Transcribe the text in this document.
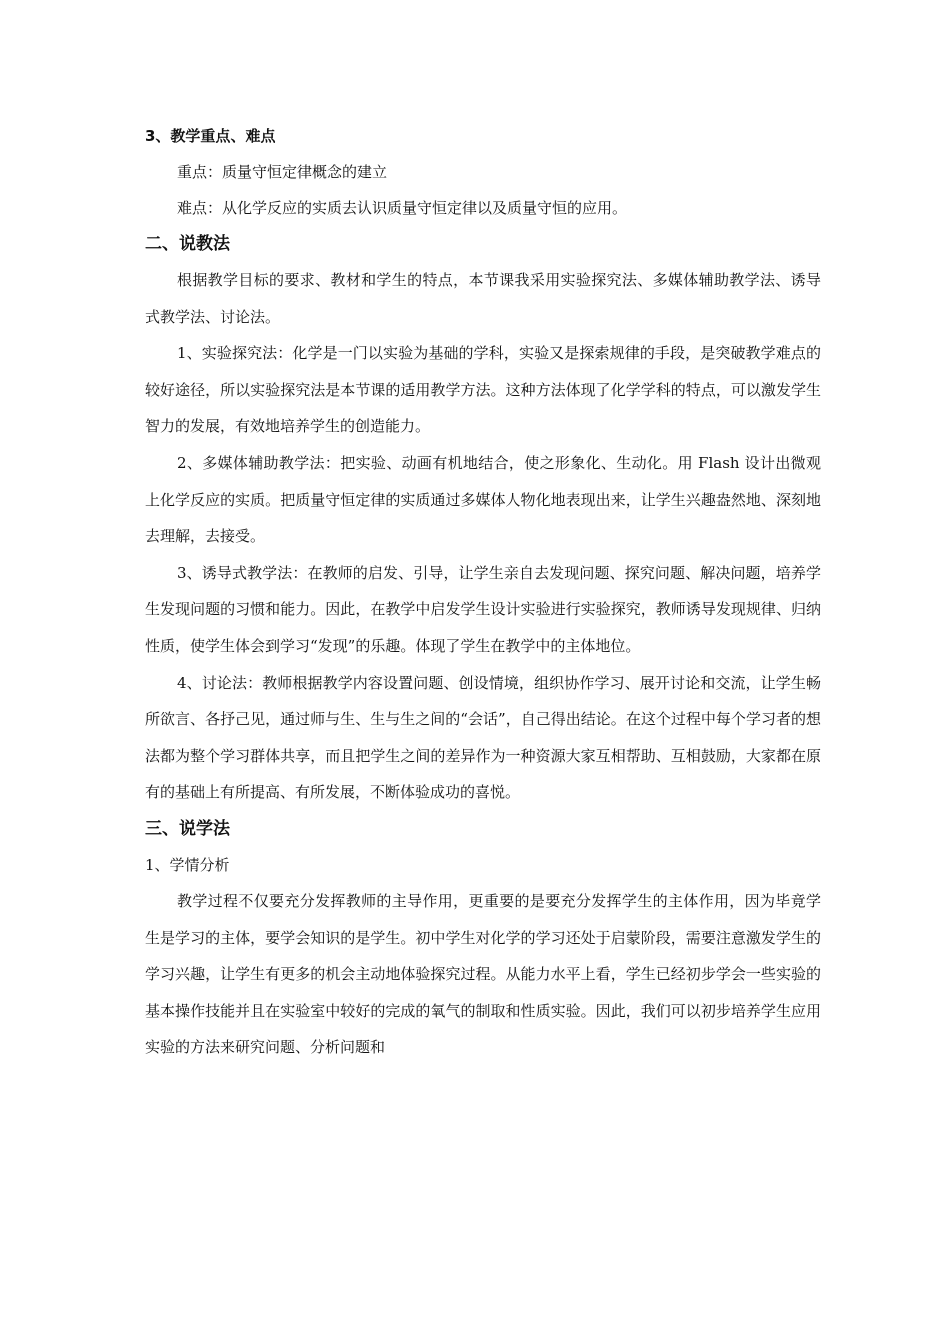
3、教学重点、难点

重点：质量守恒定律概念的建立

难点：从化学反应的实质去认识质量守恒定律以及质量守恒的应用。

二、说教法

根据教学目标的要求、教材和学生的特点，本节课我采用实验探究法、多媒体辅助教学法、诱导式教学法、讨论法。

1、实验探究法：化学是一门以实验为基础的学科，实验又是探索规律的手段，是突破教学难点的较好途径，所以实验探究法是本节课的适用教学方法。这种方法体现了化学学科的特点，可以激发学生智力的发展，有效地培养学生的创造能力。

2、多媒体辅助教学法：把实验、动画有机地结合，使之形象化、生动化。用 Flash 设计出微观上化学反应的实质。把质量守恒定律的实质通过多媒体人物化地表现出来，让学生兴趣盎然地、深刻地去理解，去接受。

3、诱导式教学法：在教师的启发、引导，让学生亲自去发现问题、探究问题、解决问题，培养学生发现问题的习惯和能力。因此，在教学中启发学生设计实验进行实验探究，教师诱导发现规律、归纳性质，使学生体会到学习“发现”的乐趣。体现了学生在教学中的主体地位。

4、讨论法：教师根据教学内容设置问题、创设情境，组织协作学习、展开讨论和交流，让学生畅所欲言、各抒己见，通过师与生、生与生之间的“会话”，自己得出结论。在这个过程中每个学习者的想法都为整个学习群体共享，而且把学生之间的差异作为一种资源大家互相帮助、互相鼓励，大家都在原有的基础上有所提高、有所发展，不断体验成功的喜悦。

三、说学法

1、学情分析

教学过程不仅要充分发挥教师的主导作用，更重要的是要充分发挥学生的主体作用，因为毕竟学生是学习的主体，要学会知识的是学生。初中学生对化学的学习还处于启蒙阶段，需要注意激发学生的学习兴趣，让学生有更多的机会主动地体验探究过程。从能力水平上看，学生已经初步学会一些实验的基本操作技能并且在实验室中较好的完成的氧气的制取和性质实验。因此，我们可以初步培养学生应用实验的方法来研究问题、分析问题和
